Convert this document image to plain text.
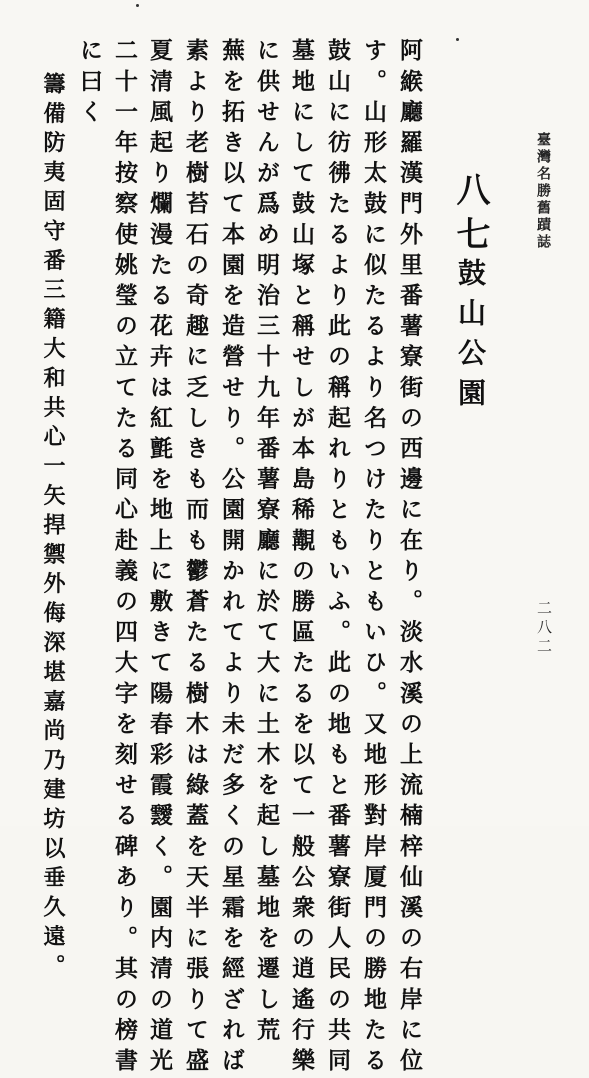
臺灣名勝舊蹟誌
二八二
八七
鼓山公園
阿緱廳羅漢門外里番薯寮街の西邊に在り。淡水溪の上流楠梓仙溪の右岸に位
す。山形太鼓に似たるより名つけたりともいひ。又地形對岸厦門の勝地たる
鼓山に彷彿たるより此の稱起れりともいふ。此の地もと番薯寮街人民の共同
墓地にして鼓山塚と稱せしが本島稀覯の勝區たるを以て一般公衆の逍遙行樂
に供せんが爲め明治三十九年番薯寮廳に於て大に土木を起し墓地を遷し荒
蕪を拓き以て本園を造營せり。公園開かれてより未だ多くの星霜を經ざれば
素より老樹苔石の奇趣に乏しきも而も鬱蒼たる樹木は綠蓋を天半に張りて盛
夏清風起り爛漫たる花卉は紅氈を地上に敷きて陽春彩霞靉く。園内清の道光
二十一年按察使姚瑩の立てたる同心赴義の四大字を刻せる碑あり。其の榜書
に曰く
籌備防夷固守番三籍大和共心一矢捍禦外侮深堪嘉尚乃建坊以垂久遠。
